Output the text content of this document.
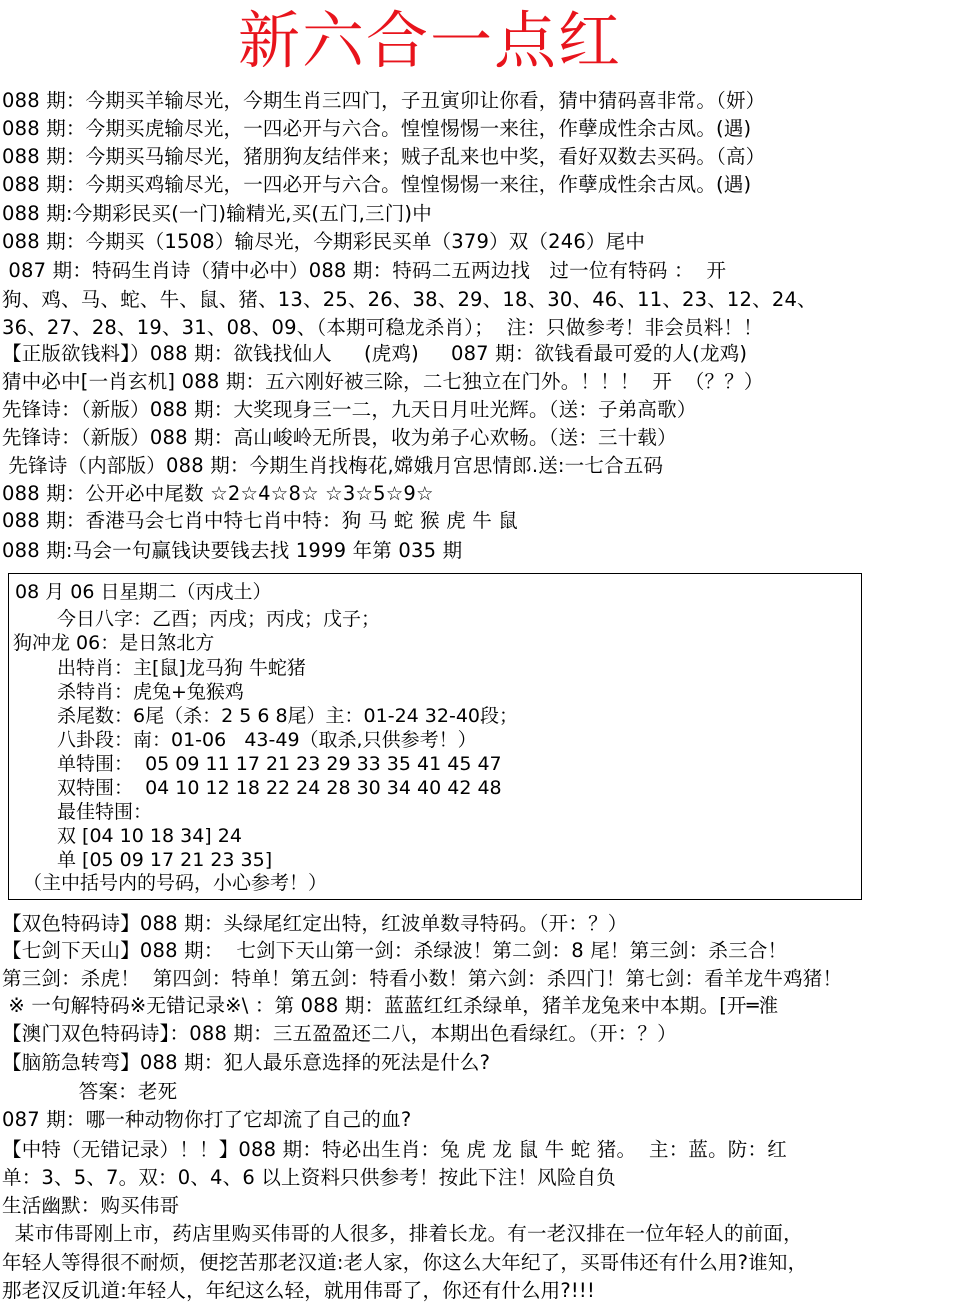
新六合一点红
088 期：今期买羊输尽光，今期生肖三四门，子丑寅卯让你看，猜中猜码喜非常。（妍）
088 期：今期买虎输尽光，一四必开与六合。惶惶惕惕一来往，作孽成性余古凤。(遇)
088 期：今期买马输尽光，猪朋狗友结伴来；贼子乱来也中奖，看好双数去买码。（高）
088 期：今期买鸡输尽光，一四必开与六合。惶惶惕惕一来往，作孽成性余古凤。(遇)
088 期:今期彩民买(一门)输精光,买(五门,三门)中
088 期：今期买（1508）输尽光，今期彩民买单（379）双（246）尾中
087 期：特码生肖诗（猜中必中）088 期：特码二五两边找   过一位有特码 ：  开
狗、鸡、马、蛇、牛、鼠、猪、13、25、26、38、29、18、30、46、11、23、12、24、
36、27、28、19、31、08、09、（本期可稳龙杀肖）；  注：只做参考！非会员料！！
【正版欲钱料】）088 期：欲钱找仙人     (虎鸡)     087 期：欲钱看最可爱的人(龙鸡)
猜中必中[一肖玄机] 088 期：五六刚好被三除，二七独立在门外。！！！  开  （？？）
先锋诗：（新版）088 期：大奖现身三一二，九天日月吐光辉。（送：子弟高歌）
先锋诗：（新版）088 期：高山峻岭无所畏，收为弟子心欢畅。（送：三十载）
先锋诗（内部版）088 期：今期生肖找梅花,嫦娥月宫思情郎.送:一七合五码
088 期：公开必中尾数 ☆2☆4☆8☆ ☆3☆5☆9☆
088 期：香港马会七肖中特七肖中特：狗 马 蛇 猴 虎 牛 鼠
088 期:马会一句赢钱诀要钱去找 1999 年第 035 期
08 月 06 日星期二（丙戌土）
今日八字：乙酉；丙戌；丙戌；戊子；
狗冲龙 06：是日煞北方
出特肖：主[鼠]龙马狗 牛蛇猪
杀特肖：虎兔+兔猴鸡
杀尾数：6尾（杀：2 5 6 8尾）主：01-24 32-40段；
八卦段：南：01-06   43-49（取杀,只供参考！）
单特围：  05 09 11 17 21 23 29 33 35 41 45 47
双特围：  04 10 12 18 22 24 28 30 34 40 42 48
最佳特围：
双 [04 10 18 34] 24
单 [05 09 17 21 23 35]
（主中括号内的号码，小心参考！）
【双色特码诗】088 期：头绿尾红定出特，红波单数寻特码。（开：？）
【七剑下天山】088 期：  七剑下天山第一剑：杀绿波！第二剑：8 尾！第三剑：杀三合！
第三剑：杀虎！  第四剑：特单！第五剑：特看小数！第六剑：杀四门！第七剑：看羊龙牛鸡猪！
※ 一句解特码※无错记录※\ ：第 088 期：蓝蓝红红杀绿单，猪羊龙兔来中本期。[开═淮
【澳门双色特码诗】：088 期：三五盈盈还二八，本期出色看绿红。（开：？）
【脑筋急转弯】088 期：犯人最乐意选择的死法是什么?
答案：老死
087 期：哪一种动物你打了它却流了自己的血?
【中特（无错记录）！！】088 期：特必出生肖：兔 虎 龙 鼠 牛 蛇 猪。  主：蓝。防：红
单：3、5、7。双：0、4、6 以上资料只供参考！按此下注！风险自负
生活幽默：购买伟哥
某市伟哥刚上市，药店里购买伟哥的人很多，排着长龙。有一老汉排在一位年轻人的前面，
年轻人等得很不耐烦，便挖苦那老汉道:老人家，你这么大年纪了，买哥伟还有什么用?谁知，
那老汉反讥道:年轻人，年纪这么轻，就用伟哥了，你还有什么用?!!!
